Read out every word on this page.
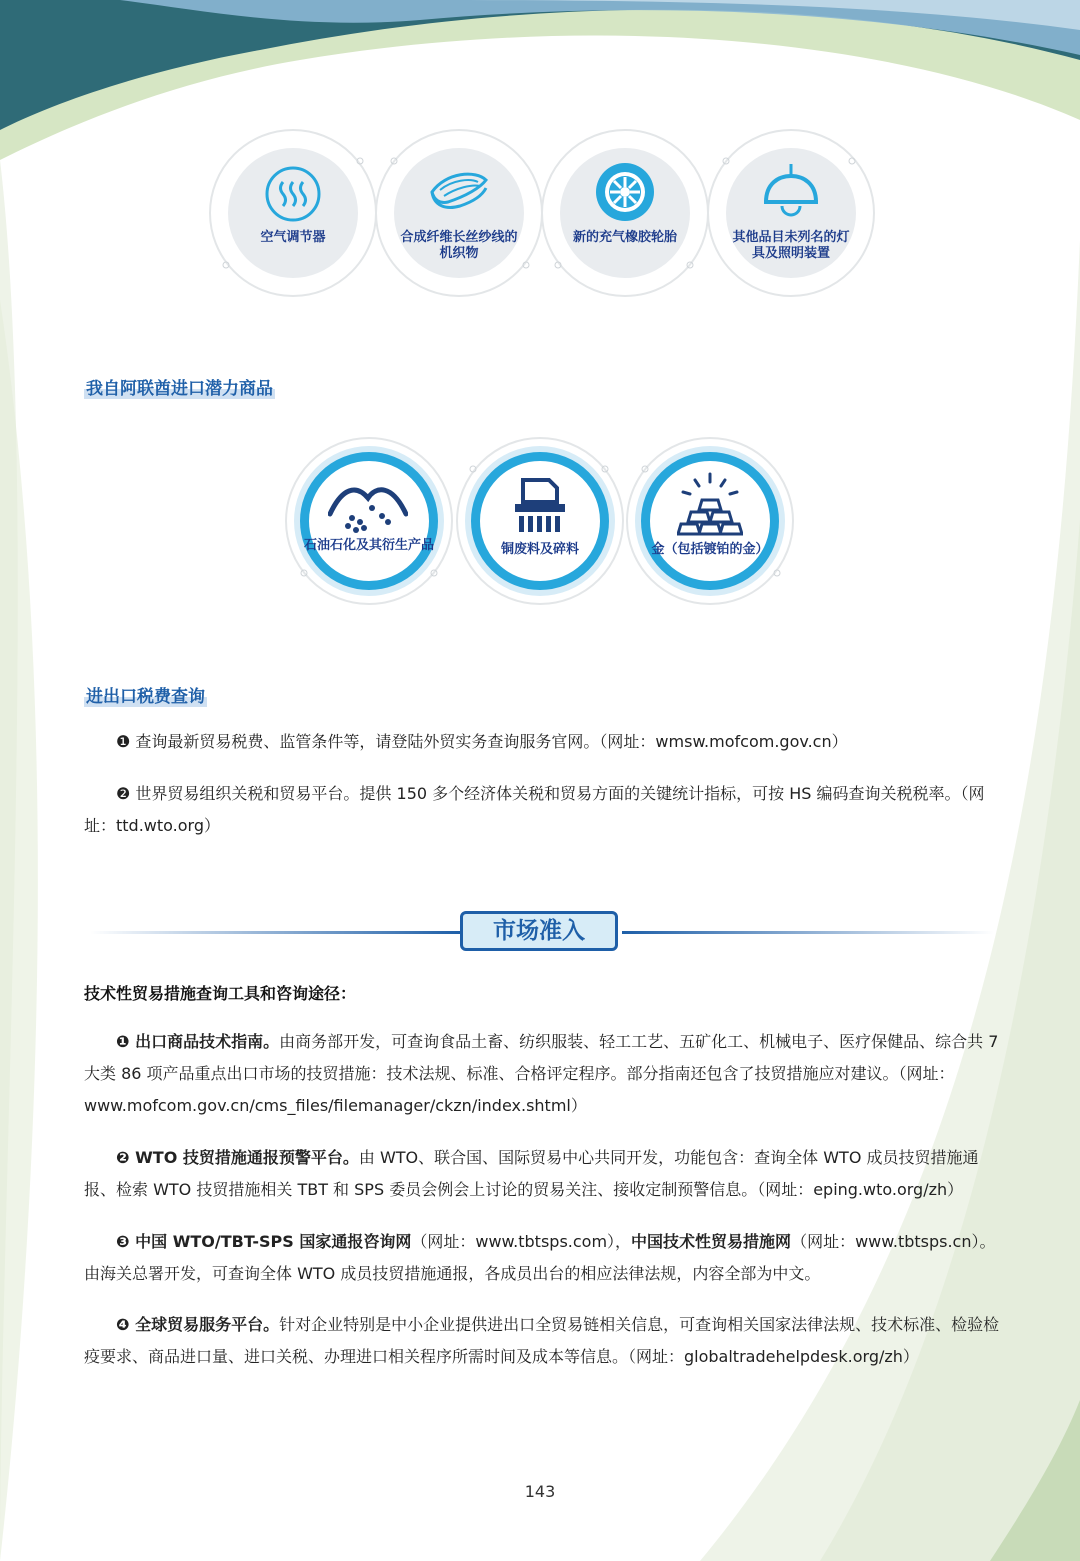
空气调节器	合成纤维长丝纱线的机织物
新的充气橡胶轮胎	其他品目未列名的灯具及照明装置
我自阿联酋进口潜力商品
石油石化及其衍生产品	铜废料及碎料	金（包括镀铂的金）
进出口税费查询
❶ 查询最新贸易税费、监管条件等，请登陆外贸实务查询服务官网。（网址：wmsw.mofcom.gov.cn）
❷ 世界贸易组织关税和贸易平台。提供 150 多个经济体关税和贸易方面的关键统计指标，可按 HS 编码查询关税税率。（网址：ttd.wto.org）
市场准入
技术性贸易措施查询工具和咨询途径：
❶ 出口商品技术指南。由商务部开发，可查询食品土畜、纺织服装、轻工工艺、五矿化工、机械电子、医疗保健品、综合共 7 大类 86 项产品重点出口市场的技贸措施：技术法规、标准、合格评定程序。部分指南还包含了技贸措施应对建议。（网址：www.mofcom.gov.cn/cms_files/filemanager/ckzn/index.shtml）
❷ WTO 技贸措施通报预警平台。由 WTO、联合国、国际贸易中心共同开发，功能包含：查询全体 WTO 成员技贸措施通报、检索 WTO 技贸措施相关 TBT 和 SPS 委员会例会上讨论的贸易关注、接收定制预警信息。（网址：eping.wto.org/zh）
❸ 中国 WTO/TBT-SPS 国家通报咨询网（网址：www.tbtsps.com），中国技术性贸易措施网（网址：www.tbtsps.cn）。由海关总署开发，可查询全体 WTO 成员技贸措施通报，各成员出台的相应法律法规，内容全部为中文。
❹ 全球贸易服务平台。针对企业特别是中小企业提供进出口全贸易链相关信息，可查询相关国家法律法规、技术标准、检验检疫要求、商品进口量、进口关税、办理进口相关程序所需时间及成本等信息。（网址：globaltradehelpdesk.org/zh）
143
